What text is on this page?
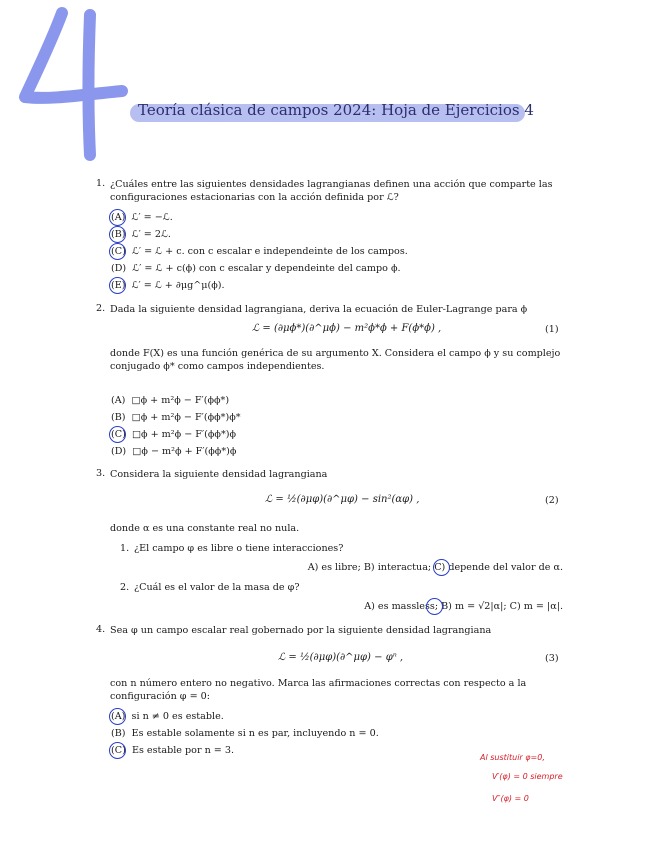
Teoría clásica de campos 2024: Hoja de Ejercicios 4
1. ¿Cuáles entre las siguientes densidades lagrangianas definen una acción que comparte las configuraciones estacionarias con la acción definida por ℒ?
(A) ℒ′ = −ℒ.
(B) ℒ′ = 2ℒ.
(C) ℒ′ = ℒ + c. con c escalar e independeinte de los campos.
(D) ℒ′ = ℒ + c(ϕ) con c escalar y dependeinte del campo ϕ.
(E) ℒ′ = ℒ + ∂μg^μ(ϕ).
2. Dada la siguiente densidad lagrangiana, deriva la ecuación de Euler-Lagrange para ϕ
ℒ = (∂μϕ*)(∂^μϕ) − m²ϕ*ϕ + F(ϕ*ϕ) ,	(1)
donde F(X) es una función genérica de su argumento X. Considera el campo ϕ y su complejo conjugado ϕ* como campos independientes.
(A) □ϕ + m²ϕ − F′(ϕϕ*)
(B) □ϕ + m²ϕ − F′(ϕϕ*)ϕ*
(C) □ϕ + m²ϕ − F′(ϕϕ*)ϕ
(D) □ϕ − m²ϕ + F′(ϕϕ*)ϕ
3. Considera la siguiente densidad lagrangiana
ℒ = ½(∂μφ)(∂^μφ) − sin²(αφ) ,	(2)
donde α es una constante real no nula.
1. ¿El campo φ es libre o tiene interacciones?
A) es libre; B) interactua; C) depende del valor de α.
2. ¿Cuál es el valor de la masa de φ?
A) es massless; B) m = √2|α|; C) m = |α|.
4. Sea φ un campo escalar real gobernado por la siguiente densidad lagrangiana
ℒ = ½(∂μφ)(∂^μφ) − φⁿ ,	(3)
con n número entero no negativo. Marca las afirmaciones correctas con respecto a la configuración φ = 0:
(A) si n ≠ 0 es estable.
(B) Es estable solamente si n es par, incluyendo n = 0.
(C) Es estable por n = 3.
Al sustituir φ=0,
V′(φ) = 0 siempre
V″(φ) = 0
